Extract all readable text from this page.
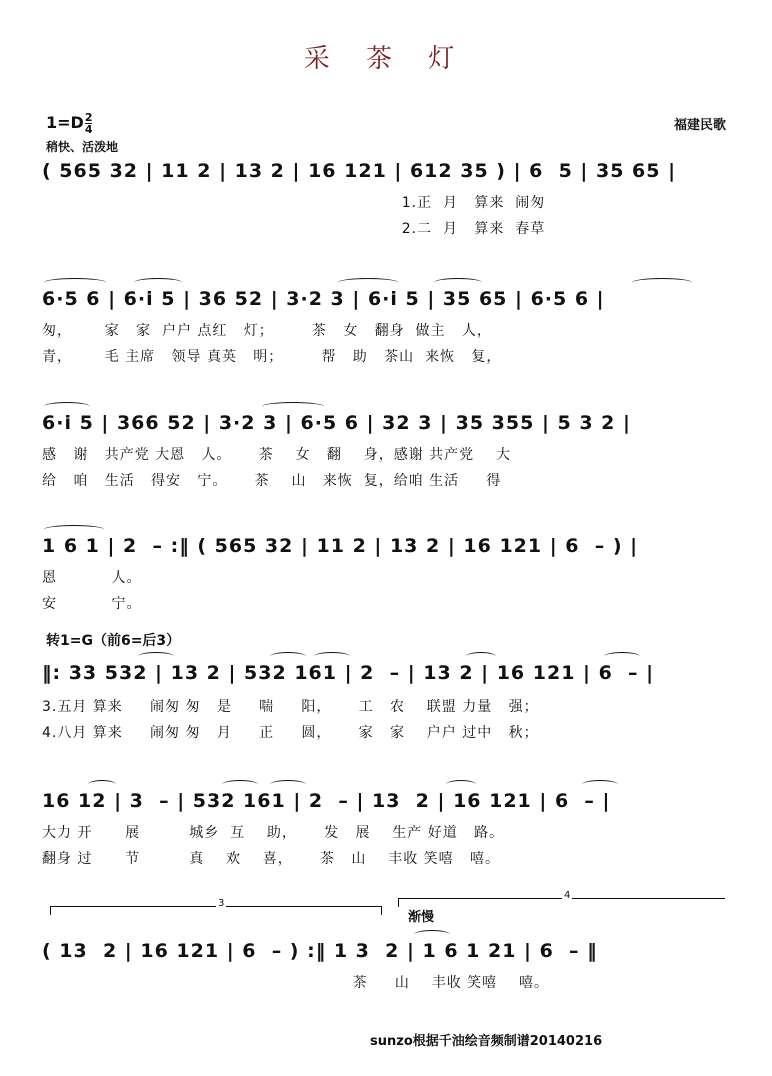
采 茶 灯
$1=D\frac{2}{4}$	福建民歌
稍快、活泼地
( 565 32 | 11 2 | 13 2 | 16 121 | 612 35 ) | 6  5 | 35 65 |
1.正  月   算来  闹匆
2.二  月   算来  春草
6·5 6 | 6·i 5 | 36 52 | 3·2 3 | 6·i 5 | 35 65 | 6·5 6 |
匆，      家   家  户户 点红   灯；       茶   女   翻身  做主   人，
青，      毛 主席   领导 真英   明；       帮   助   茶山  来恢   复，
6·i 5 | 366 52 | 3·2 3 | 6·5 6 | 32 3 | 35 355 | 5 3 2 |
感   谢   共产党 大恩   人。     茶    女   翻    身，感谢 共产党    大
给   咱   生活   得安   宁。     茶    山   来恢  复，给咱 生活     得
1 6 1 | 2  – :‖ ( 565 32 | 11 2 | 13 2 | 16 121 | 6  – ) |
恩          人。
安          宁。
转1=G（前6=后3）
‖: 33 532 | 13 2 | 532 161 | 2  – | 13 2 | 16 121 | 6  – |
3.五月 算来     闹匆 匆   是     喘     阳，     工   农    联盟 力量   强；
4.八月 算来     闹匆 匆   月     正     圆，     家   家    户户 过中   秋；
16 12 | 3  – | 532 161 | 2  – | 13  2 | 16 121 | 6  – |
大力 开      展         城乡  互    助，     发   展    生产 好道   路。
翻身 过      节         真    欢    喜，     茶   山    丰收 笑嘻   嘻。
3
4
渐慢
( 13  2 | 16 121 | 6  – ) :‖ 1 3  2 | 1 6 1 21 | 6  – ‖
茶     山    丰收 笑嘻    嘻。
sunzo根据千油绘音频制谱20140216
